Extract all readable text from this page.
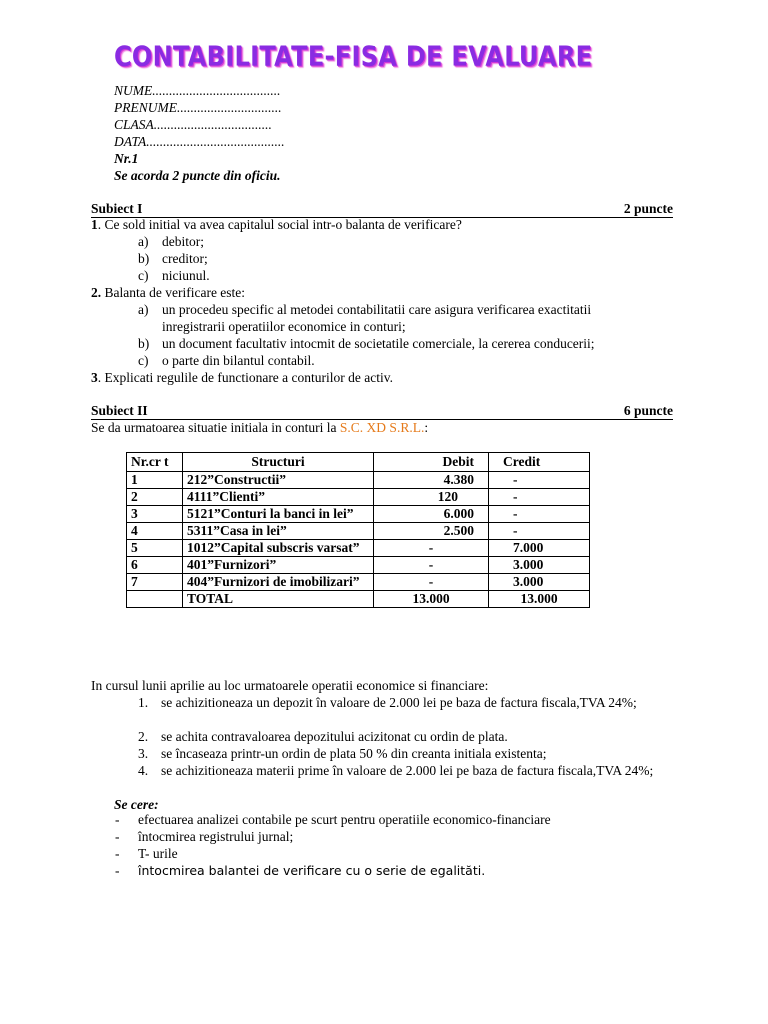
CONTABILITATE-FISA DE EVALUARE
NUME......................................
PRENUME...............................
CLASA...................................
DATA.........................................
Nr.1
Se acorda 2 puncte din oficiu.
Subiect I	2 puncte
1. Ce sold initial va avea capitalul social intr-o balanta de verificare?
a) debitor;
b) creditor;
c) niciunul.
2. Balanta de verificare este:
a) un procedeu specific al metodei contabilitatii care asigura verificarea exactitatii
inregistrarii operatiilor economice in conturi;
b) un document facultativ intocmit de societatile comerciale, la cererea conducerii;
c) o parte din bilantul contabil.
3. Explicati regulile de functionare a conturilor de activ.
Subiect II	6 puncte
Se da urmatoarea situatie initiala in conturi la S.C. XD S.R.L.:
Nr.cr t	Structuri	Debit	Credit
1	212”Constructii”	4.380	-
2	4111”Clienti”	120	-
3	5121”Conturi la banci in lei”	6.000	-
4	5311”Casa in lei”	2.500	-
5	1012”Capital subscris varsat”	-	7.000
6	401”Furnizori”	-	3.000
7	404”Furnizori de imobilizari”	-	3.000
	TOTAL	13.000	13.000
In cursul lunii aprilie au loc urmatoarele operatii economice si financiare:
1. se achizitioneaza un depozit în valoare de 2.000 lei pe baza de factura fiscala,TVA 24%;
2. se achita contravaloarea depozitului acizitonat cu ordin de plata.
3. se încaseaza printr-un ordin de plata 50 % din creanta initiala existenta;
4. se achizitioneaza materii prime în valoare de 2.000 lei pe baza de factura fiscala,TVA 24%;
Se cere:
- efectuarea analizei contabile pe scurt pentru operatiile economico-financiare
- întocmirea registrului jurnal;
- T- urile
- întocmirea balantei de verificare cu o serie de egalităti.
